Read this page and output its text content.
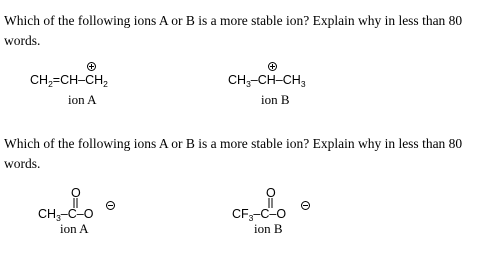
Which of the following ions A or B is a more stable ion? Explain why in less than 80 words.

$CH_2=CH-CH_2$
ion A
$CH_3-CH-CH_3$
ion B

Which of the following ions A or B is a more stable ion? Explain why in less than 80 words.

O
$CH_3-C-O$
ion A
O
$CF_3-C-O$
ion B
